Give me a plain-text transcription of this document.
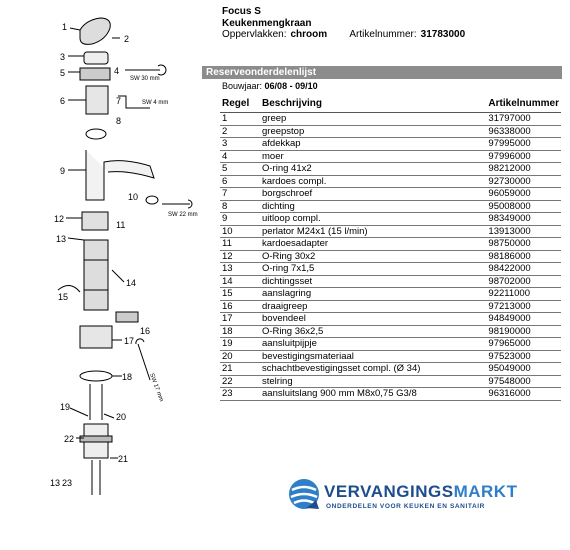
1
2
3
4
5
SW 30 mm
6	7	SW 4 mm
8
9
10
SW 22 mm
12
11
13
14
15
16
17
SW 17 mm
18
19
20
22
21
13 23
Focus S
Keukenmengkraan
Oppervlakken: chroom Artikelnummer: 31783000
Reserveonderdelenlijst
Bouwjaar: 06/08 - 09/10
Regel	Beschrijving	Artikelnummer
1	greep	31797000
2	greepstop	96338000
3	afdekkap	97995000
4	moer	97996000
5	O-ring 41x2	98212000
6	kardoes compl.	92730000
7	borgschroef	96059000
8	dichting	95008000
9	uitloop compl.	98349000
10	perlator M24x1 (15 l/min)	13913000
11	kardoesadapter	98750000
12	O-Ring 30x2	98186000
13	O-ring 7x1,5	98422000
14	dichtingsset	98702000
15	aanslagring	92211000
16	draaigreep	97213000
17	bovendeel	94849000
18	O-Ring 36x2,5	98190000
19	aansluitpijpje	97965000
20	bevestigingsmateriaal	97523000
21	schachtbevestigingsset compl. (Ø 34)	95049000
22	stelring	97548000
23	aansluitslang 900 mm M8x0,75 G3/8	96316000
VERVANGINGSMARKT
ONDERDELEN VOOR KEUKEN EN SANITAIR
